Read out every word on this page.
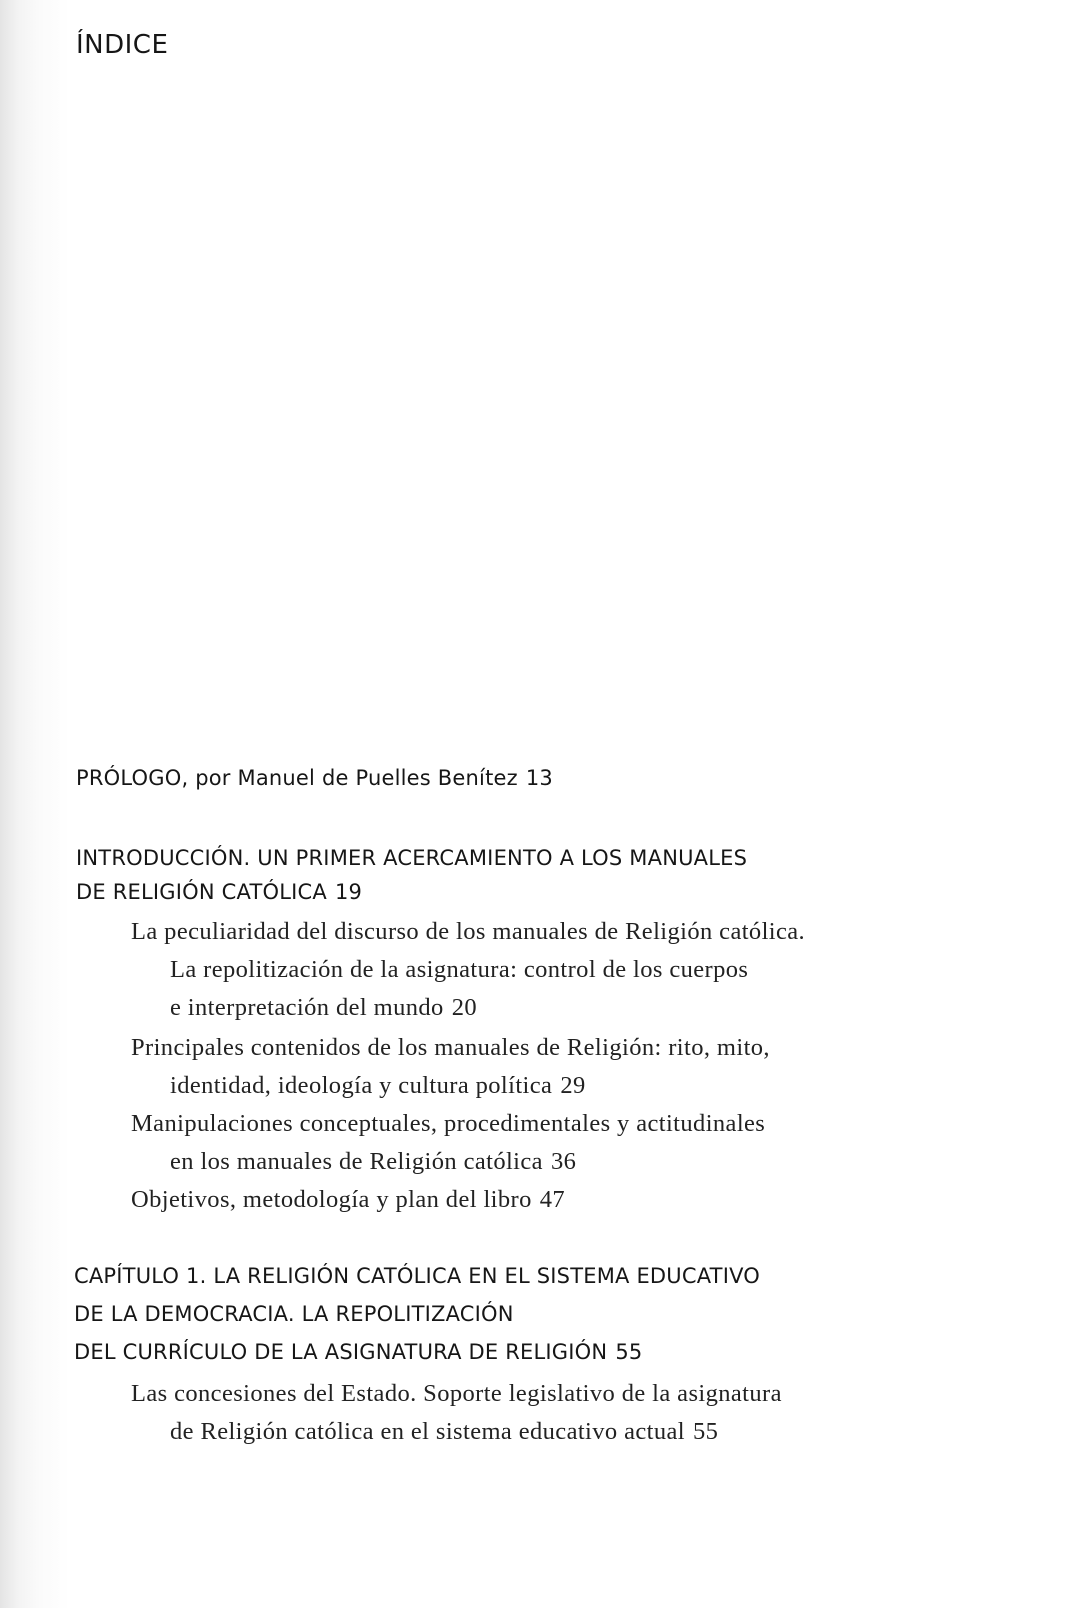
ÍNDICE
PRÓLOGO, por Manuel de Puelles Benítez 13
INTRODUCCIÓN. UN PRIMER ACERCAMIENTO A LOS MANUALES
DE RELIGIÓN CATÓLICA 19
La peculiaridad del discurso de los manuales de Religión católica.
La repolitización de la asignatura: control de los cuerpos
e interpretación del mundo 20
Principales contenidos de los manuales de Religión: rito, mito,
identidad, ideología y cultura política 29
Manipulaciones conceptuales, procedimentales y actitudinales
en los manuales de Religión católica 36
Objetivos, metodología y plan del libro 47
CAPÍTULO 1. LA RELIGIÓN CATÓLICA EN EL SISTEMA EDUCATIVO
DE LA DEMOCRACIA. LA REPOLITIZACIÓN
DEL CURRÍCULO DE LA ASIGNATURA DE RELIGIÓN 55
Las concesiones del Estado. Soporte legislativo de la asignatura
de Religión católica en el sistema educativo actual 55
